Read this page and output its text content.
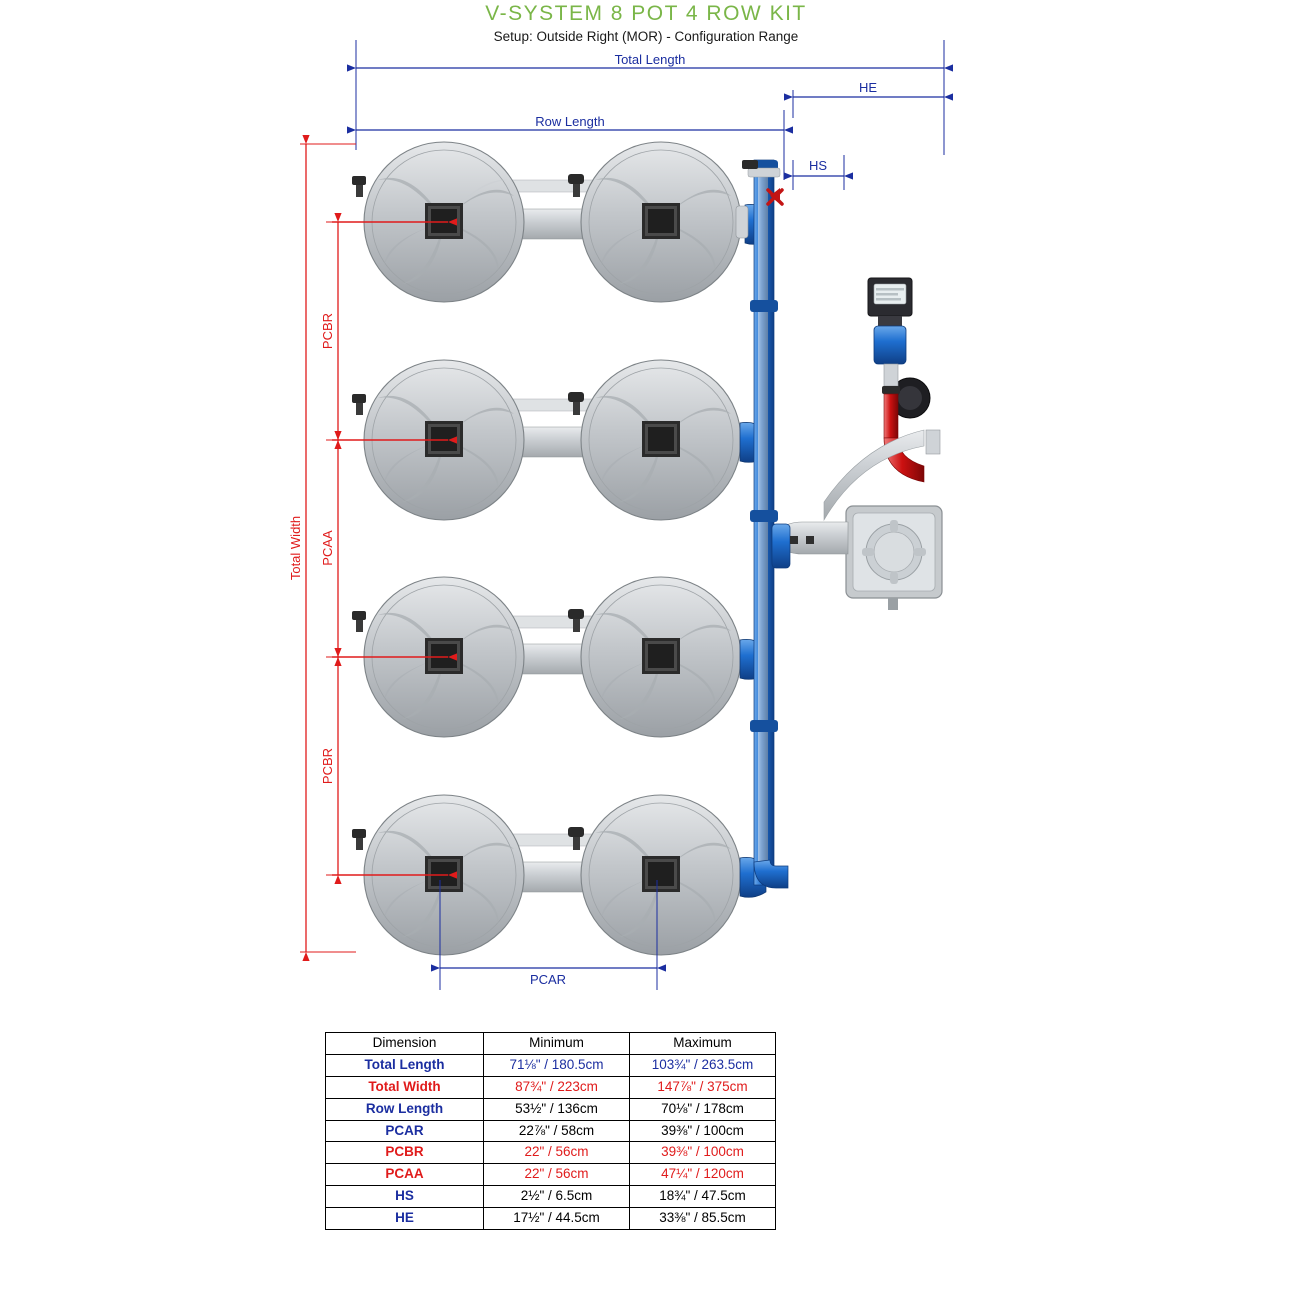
V-SYSTEM 8 POT 4 ROW KIT
Setup: Outside Right (MOR) - Configuration Range
Total Length
HE
Row Length
HS
Total Width
PCBR
PCAA
PCBR
PCAR
Dimension	Minimum	Maximum
Total Length	71⅛" / 180.5cm	103¾" / 263.5cm
Total Width	87¾" / 223cm	147⅞" / 375cm
Row Length	53½" / 136cm	70⅛" / 178cm
PCAR	22⅞" / 58cm	39⅜" / 100cm
PCBR	22" / 56cm	39⅜" / 100cm
PCAA	22" / 56cm	47¼" / 120cm
HS	2½" / 6.5cm	18¾" / 47.5cm
HE	17½" / 44.5cm	33⅜" / 85.5cm
